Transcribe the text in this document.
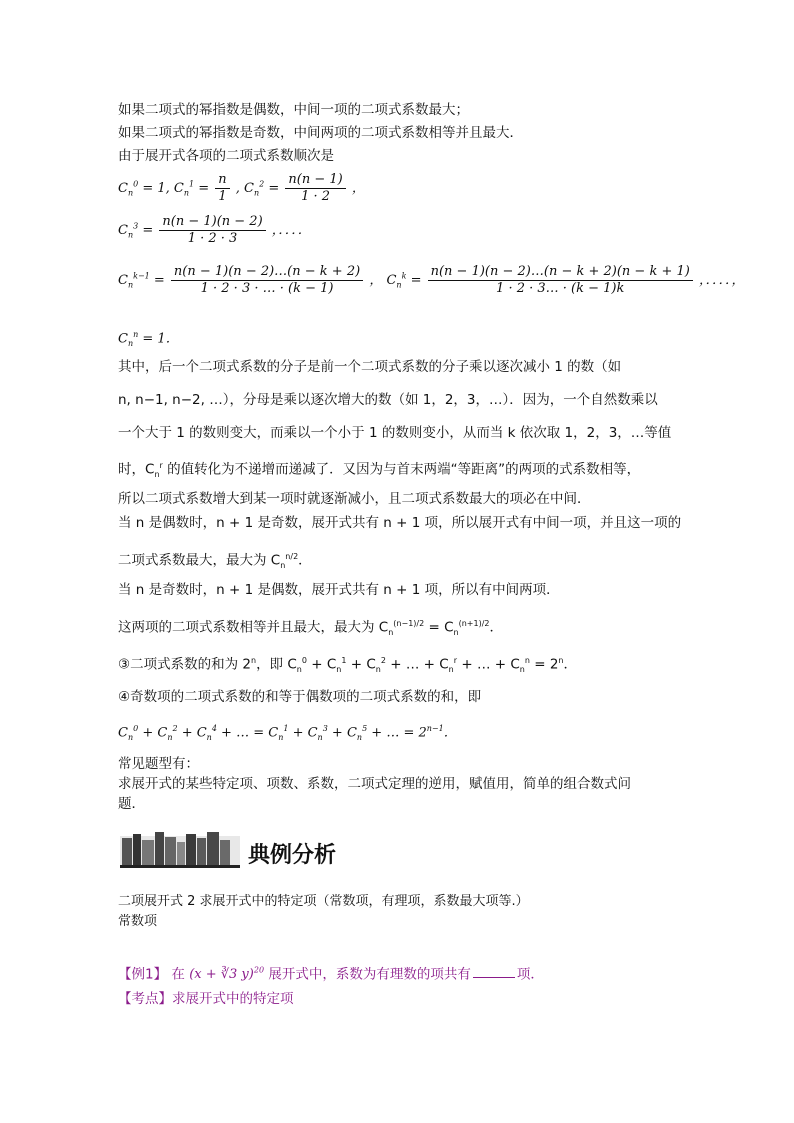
如果二项式的幂指数是偶数，中间一项的二项式系数最大；
如果二项式的幂指数是奇数，中间两项的二项式系数相等并且最大．
由于展开式各项的二项式系数顺次是
$C_n^0 = 1$, $C_n^1 = \frac{n}{1}$ , $C_n^2 = \frac{n(n - 1)}{1 \cdot 2}$ ，
$C_n^3 = \frac{n(n - 1)(n - 2)}{1 \cdot 2 \cdot 3}$ ，．．．．
$C_n^{k-1} = \frac{n(n - 1)(n - 2)\dots(n - k + 2)}{1 \cdot 2 \cdot 3 \cdot \dots \cdot (k - 1)}$ ， $C_n^k = \frac{n(n - 1)(n - 2)\dots(n - k + 2)(n - k + 1)}{1 \cdot 2 \cdot 3\dots \cdot (k - 1)k}$ ，．．．．，
$C_n^n = 1$．
其中，后一个二项式系数的分子是前一个二项式系数的分子乘以逐次减小 1 的数（如
n, n−1, n−2, …），分母是乘以逐次增大的数（如 1，2，3，…）．因为，一个自然数乘以
一个大于 1 的数则变大，而乘以一个小于 1 的数则变小，从而当 k 依次取 1，2，3，…等值
时，$C_n^r$ 的值转化为不递增而递减了．又因为与首末两端“等距离”的两项的式系数相等，
所以二项式系数增大到某一项时就逐渐减小，且二项式系数最大的项必在中间．
当 n 是偶数时，n + 1 是奇数，展开式共有 n + 1 项，所以展开式有中间一项，并且这一项的
二项式系数最大，最大为 $C_n^{n/2}$．
当 n 是奇数时，n + 1 是偶数，展开式共有 n + 1 项，所以有中间两项．
这两项的二项式系数相等并且最大，最大为 $C_n^{(n-1)/2} = C_n^{(n+1)/2}$．
③二项式系数的和为 2$^n$，即 $C_n^0 + C_n^1 + C_n^2$ + … + $C_n^r$ + … + $C_n^n = 2^n$．
④奇数项的二项式系数的和等于偶数项的二项式系数的和，即
$C_n^0 + C_n^2 + C_n^4$ + … = $C_n^1 + C_n^3 + C_n^5$ + … = $2^{n-1}$．
常见题型有：
求展开式的某些特定项、项数、系数，二项式定理的逆用，赋值用，简单的组合数式问
题．
典例分析
二项展开式 2 求展开式中的特定项（常数项，有理项，系数最大项等.）
常数项
【例1】 在 (x + ∛3 y)$^{20}$ 展开式中，系数为有理数的项共有	项．
【考点】求展开式中的特定项
